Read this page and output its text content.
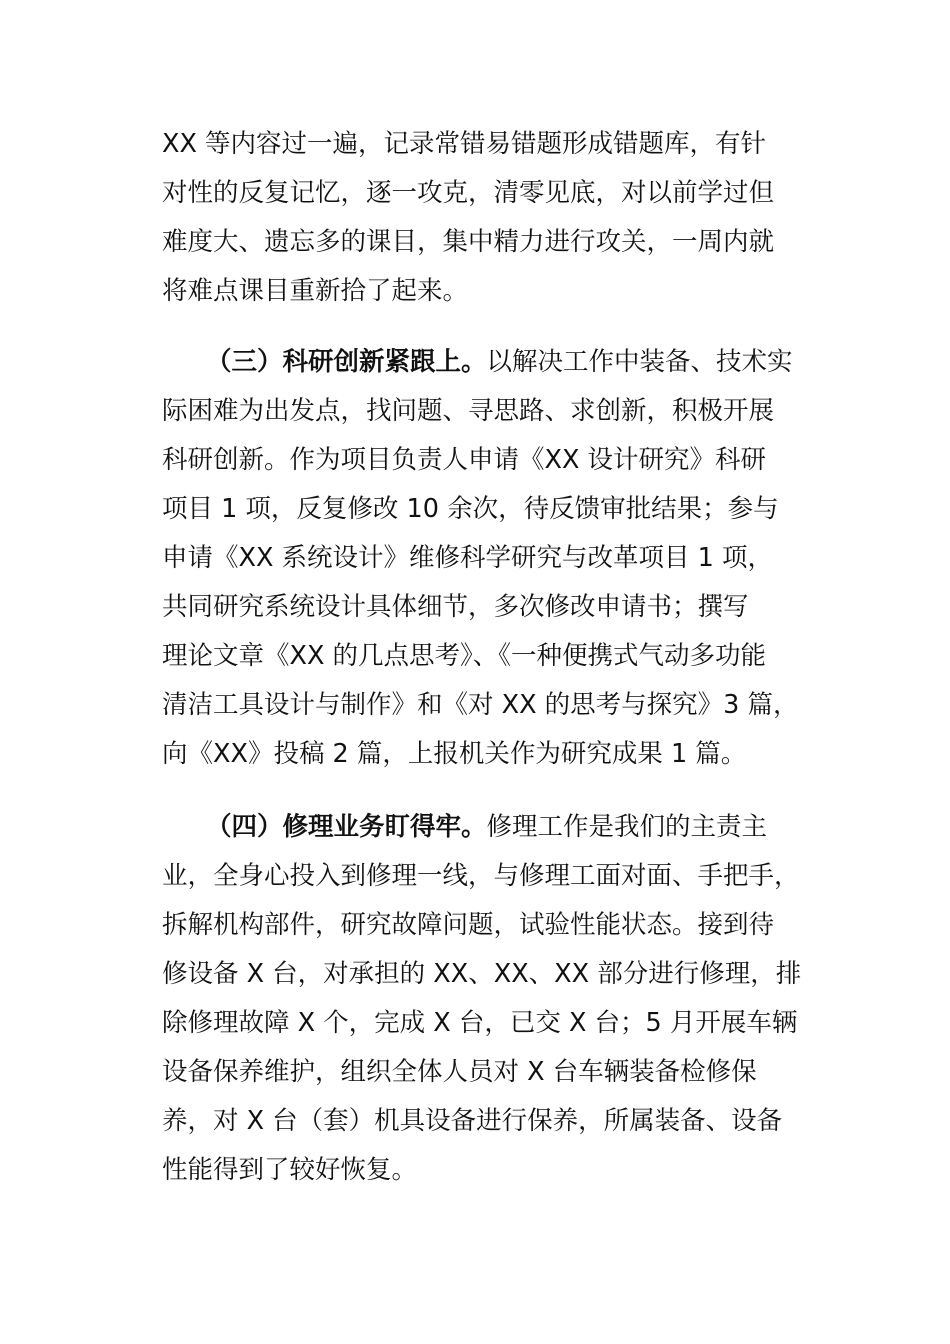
XX 等内容过一遍，记录常错易错题形成错题库，有针
对性的反复记忆，逐一攻克，清零见底，对以前学过但
难度大、遗忘多的课目，集中精力进行攻关，一周内就
将难点课目重新拾了起来。
（三）科研创新紧跟上。以解决工作中装备、技术实
际困难为出发点，找问题、寻思路、求创新，积极开展
科研创新。作为项目负责人申请《XX 设计研究》科研
项目 1 项，反复修改 10 余次，待反馈审批结果；参与
申请《XX 系统设计》维修科学研究与改革项目 1 项，
共同研究系统设计具体细节，多次修改申请书；撰写
理论文章《XX 的几点思考》、《一种便携式气动多功能
清洁工具设计与制作》和《对 XX 的思考与探究》3 篇，
向《XX》投稿 2 篇，上报机关作为研究成果 1 篇。
（四）修理业务盯得牢。修理工作是我们的主责主
业，全身心投入到修理一线，与修理工面对面、手把手，
拆解机构部件，研究故障问题，试验性能状态。接到待
修设备 X 台，对承担的 XX、XX、XX 部分进行修理，排
除修理故障 X 个，完成 X 台，已交 X 台；5 月开展车辆
设备保养维护，组织全体人员对 X 台车辆装备检修保
养，对 X 台（套）机具设备进行保养，所属装备、设备
性能得到了较好恢复。
